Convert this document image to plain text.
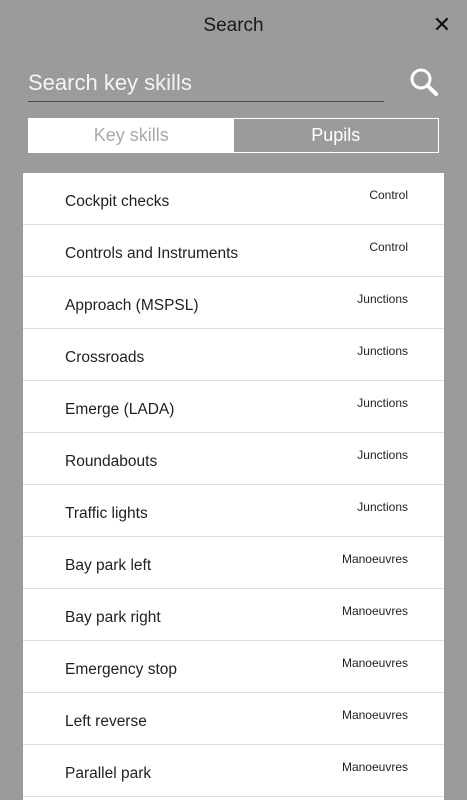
Search	✕
Search key skills
Key skills	Pupils
Cockpit checks	Control
Controls and Instruments	Control
Approach (MSPSL)	Junctions
Crossroads	Junctions
Emerge (LADA)	Junctions
Roundabouts	Junctions
Traffic lights	Junctions
Bay park left	Manoeuvres
Bay park right	Manoeuvres
Emergency stop	Manoeuvres
Left reverse	Manoeuvres
Parallel park	Manoeuvres
